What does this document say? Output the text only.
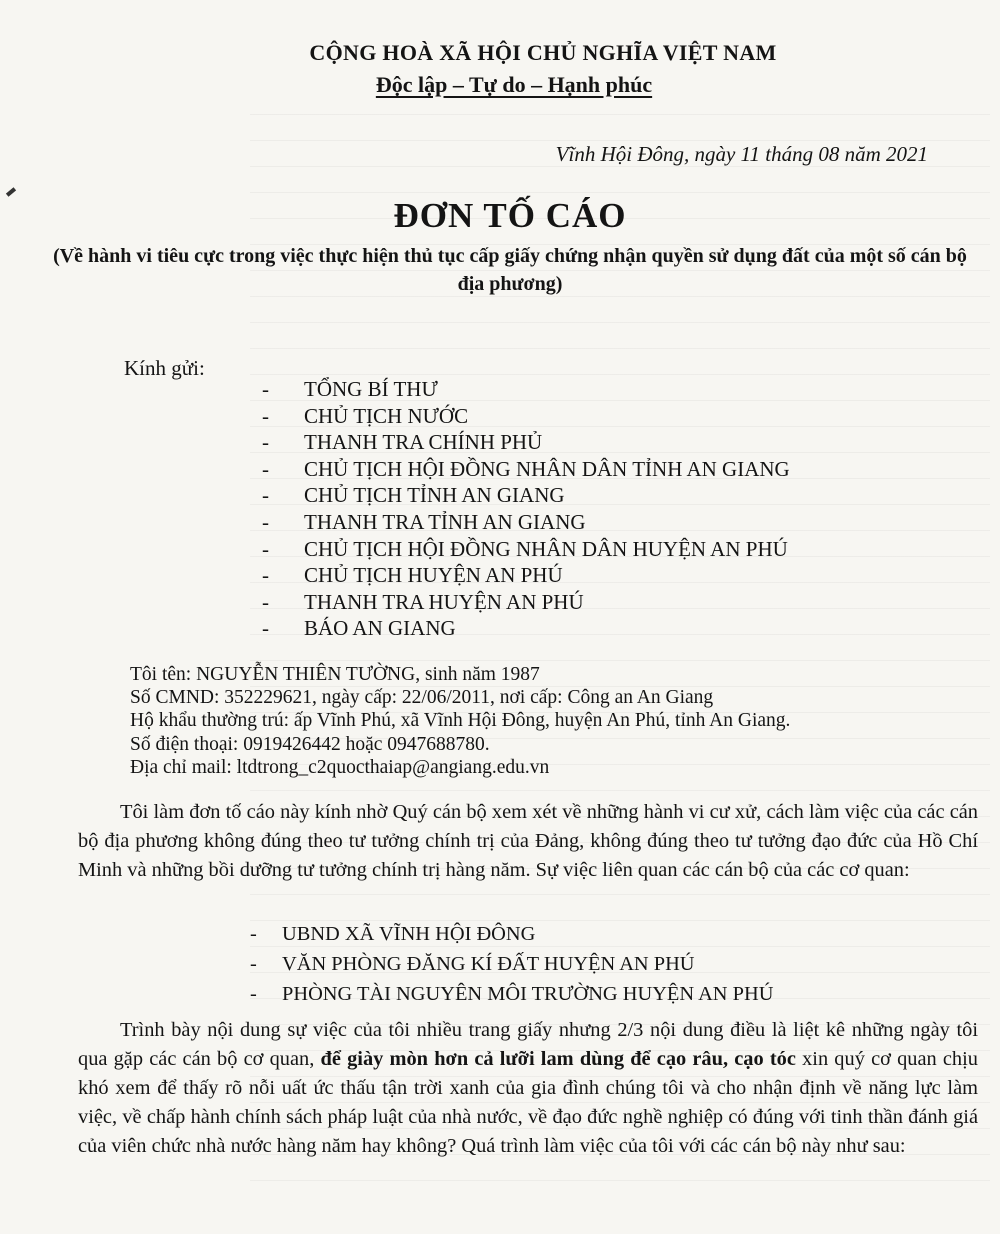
CỘNG HOÀ XÃ HỘI CHỦ NGHĨA VIỆT NAM
Độc lập – Tự do – Hạnh phúc
Vĩnh Hội Đông, ngày 11 tháng 08 năm 2021
ĐƠN TỐ CÁO
(Về hành vi tiêu cực trong việc thực hiện thủ tục cấp giấy chứng nhận quyền sử dụng đất của một số cán bộ địa phương)
Kính gửi:
- TỔNG BÍ THƯ
- CHỦ TỊCH NƯỚC
- THANH TRA CHÍNH PHỦ
- CHỦ TỊCH HỘI ĐỒNG NHÂN DÂN TỈNH AN GIANG
- CHỦ TỊCH TỈNH AN GIANG
- THANH TRA TỈNH AN GIANG
- CHỦ TỊCH HỘI ĐỒNG NHÂN DÂN HUYỆN AN PHÚ
- CHỦ TỊCH HUYỆN AN PHÚ
- THANH TRA HUYỆN AN PHÚ
- BÁO AN GIANG
Tôi tên: NGUYỄN THIÊN TƯỜNG, sinh năm 1987
Số CMND: 352229621, ngày cấp: 22/06/2011, nơi cấp: Công an An Giang
Hộ khẩu thường trú: ấp Vĩnh Phú, xã Vĩnh Hội Đông, huyện An Phú, tỉnh An Giang.
Số điện thoại: 0919426442 hoặc 0947688780.
Địa chỉ mail: ltdtrong_c2quocthaiap@angiang.edu.vn
Tôi làm đơn tố cáo này kính nhờ Quý cán bộ xem xét về những hành vi cư xử, cách làm việc của các cán bộ địa phương không đúng theo tư tưởng chính trị của Đảng, không đúng theo tư tưởng đạo đức của Hồ Chí Minh và những bồi dưỡng tư tưởng chính trị hàng năm. Sự việc liên quan các cán bộ của các cơ quan:
- UBND XÃ VĨNH HỘI ĐÔNG
- VĂN PHÒNG ĐĂNG KÍ ĐẤT HUYỆN AN PHÚ
- PHÒNG TÀI NGUYÊN MÔI TRƯỜNG HUYỆN AN PHÚ
Trình bày nội dung sự việc của tôi nhiều trang giấy nhưng 2/3 nội dung điều là liệt kê những ngày tôi qua gặp các cán bộ cơ quan, để giày mòn hơn cả lưỡi lam dùng để cạo râu, cạo tóc xin quý cơ quan chịu khó xem để thấy rõ nỗi uất ức thấu tận trời xanh của gia đình chúng tôi và cho nhận định về năng lực làm việc, về chấp hành chính sách pháp luật của nhà nước, về đạo đức nghề nghiệp có đúng với tinh thần đánh giá của viên chức nhà nước hàng năm hay không? Quá trình làm việc của tôi với các cán bộ này như sau:
